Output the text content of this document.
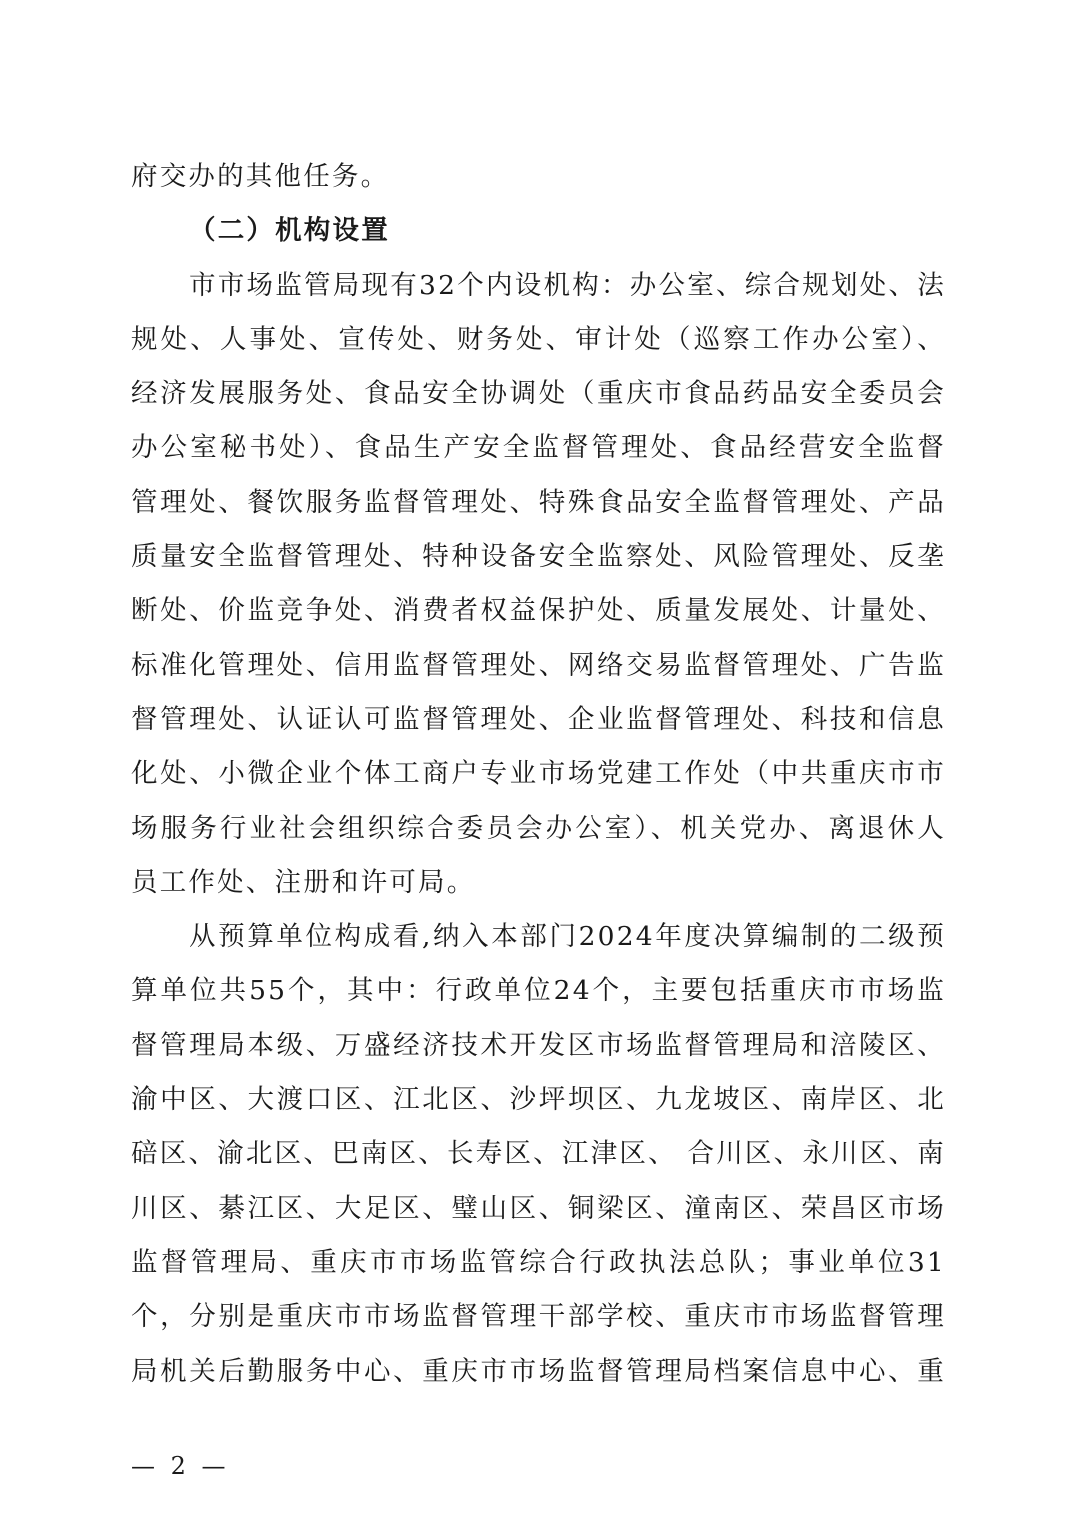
府交办的其他任务。
（二）机构设置
市市场监管局现有32个内设机构：办公室、综合规划处、法
规处、人事处、宣传处、财务处、审计处（巡察工作办公室）、
经济发展服务处、食品安全协调处（重庆市食品药品安全委员会
办公室秘书处）、食品生产安全监督管理处、食品经营安全监督
管理处、餐饮服务监督管理处、特殊食品安全监督管理处、产品
质量安全监督管理处、特种设备安全监察处、风险管理处、反垄
断处、价监竞争处、消费者权益保护处、质量发展处、计量处、
标准化管理处、信用监督管理处、网络交易监督管理处、广告监
督管理处、认证认可监督管理处、企业监督管理处、科技和信息
化处、小微企业个体工商户专业市场党建工作处（中共重庆市市
场服务行业社会组织综合委员会办公室）、机关党办、离退休人
员工作处、注册和许可局。
从预算单位构成看,纳入本部门2024年度决算编制的二级预
算单位共55个，其中：行政单位24个，主要包括重庆市市场监
督管理局本级、万盛经济技术开发区市场监督管理局和涪陵区、
渝中区、大渡口区、江北区、沙坪坝区、九龙坡区、南岸区、北
碚区、渝北区、巴南区、长寿区、江津区、 合川区、永川区、南
川区、綦江区、大足区、璧山区、铜梁区、潼南区、荣昌区市场
监督管理局、重庆市市场监管综合行政执法总队；事业单位31
个，分别是重庆市市场监督管理干部学校、重庆市市场监督管理
局机关后勤服务中心、重庆市市场监督管理局档案信息中心、重
— 2 —
